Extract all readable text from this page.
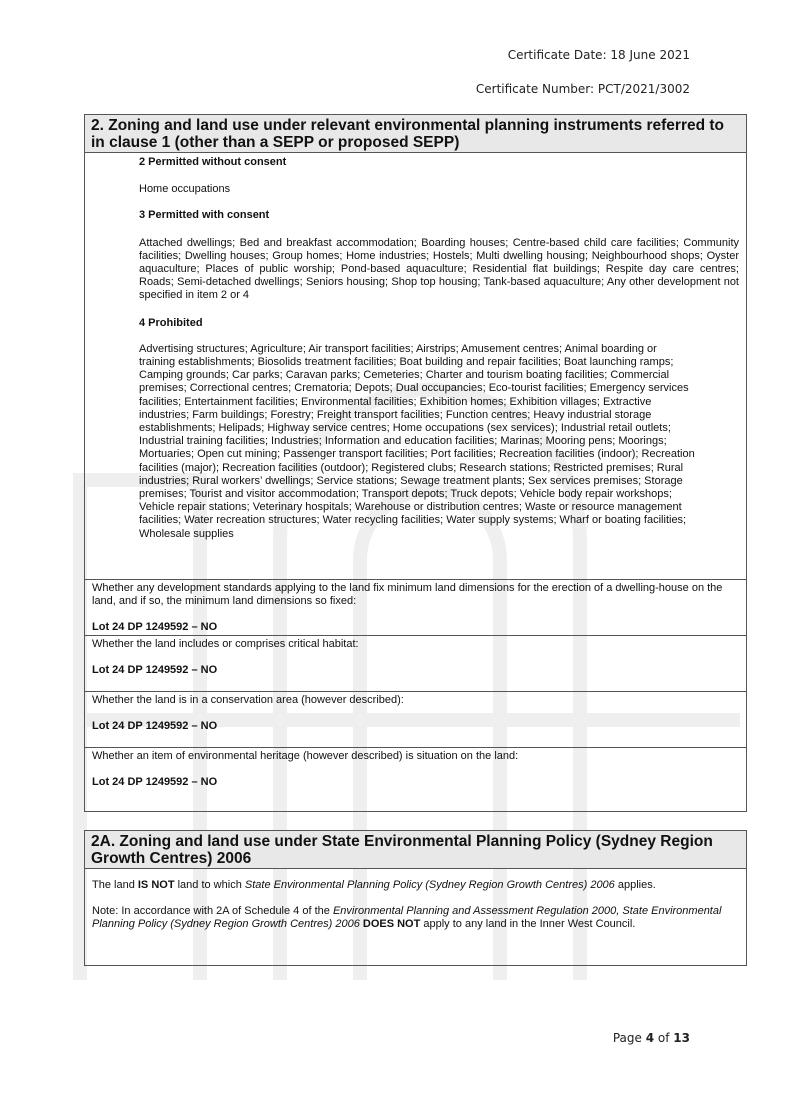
Certificate Date: 18 June 2021
Certificate Number: PCT/2021/3002
2. Zoning and land use under relevant environmental planning instruments referred to in clause 1 (other than a SEPP or proposed SEPP)

2 Permitted without consent

Home occupations

3 Permitted with consent

Attached dwellings; Bed and breakfast accommodation; Boarding houses; Centre-based child care facilities; Community facilities; Dwelling houses; Group homes; Home industries; Hostels; Multi dwelling housing; Neighbourhood shops; Oyster aquaculture; Places of public worship; Pond-based aquaculture; Residential flat buildings; Respite day care centres; Roads; Semi-detached dwellings; Seniors housing; Shop top housing; Tank-based aquaculture; Any other development not specified in item 2 or 4

4 Prohibited

Advertising structures; Agriculture; Air transport facilities; Airstrips; Amusement centres; Animal boarding or
training establishments; Biosolids treatment facilities; Boat building and repair facilities; Boat launching ramps;
Camping grounds; Car parks; Caravan parks; Cemeteries; Charter and tourism boating facilities; Commercial
premises; Correctional centres; Crematoria; Depots; Dual occupancies; Eco-tourist facilities; Emergency services
facilities; Entertainment facilities; Environmental facilities; Exhibition homes; Exhibition villages; Extractive
industries; Farm buildings; Forestry; Freight transport facilities; Function centres; Heavy industrial storage
establishments; Helipads; Highway service centres; Home occupations (sex services); Industrial retail outlets;
Industrial training facilities; Industries; Information and education facilities; Marinas; Mooring pens; Moorings;
Mortuaries; Open cut mining; Passenger transport facilities; Port facilities; Recreation facilities (indoor); Recreation
facilities (major); Recreation facilities (outdoor); Registered clubs; Research stations; Restricted premises; Rural
industries; Rural workers’ dwellings; Service stations; Sewage treatment plants; Sex services premises; Storage
premises; Tourist and visitor accommodation; Transport depots; Truck depots; Vehicle body repair workshops;
Vehicle repair stations; Veterinary hospitals; Warehouse or distribution centres; Waste or resource management
facilities; Water recreation structures; Water recycling facilities; Water supply systems; Wharf or boating facilities;
Wholesale supplies

Whether any development standards applying to the land fix minimum land dimensions for the erection of a dwelling-house on the land, and if so, the minimum land dimensions so fixed:

Lot 24 DP 1249592 – NO

Whether the land includes or comprises critical habitat:

Lot 24 DP 1249592 – NO

Whether the land is in a conservation area (however described):

Lot 24 DP 1249592 – NO

Whether an item of environmental heritage (however described) is situation on the land:

Lot 24 DP 1249592 – NO

2A. Zoning and land use under State Environmental Planning Policy (Sydney Region Growth Centres) 2006

The land IS NOT land to which State Environmental Planning Policy (Sydney Region Growth Centres) 2006 applies.

Note: In accordance with 2A of Schedule 4 of the Environmental Planning and Assessment Regulation 2000, State Environmental Planning Policy (Sydney Region Growth Centres) 2006 DOES NOT apply to any land in the Inner West Council.

Page 4 of 13
